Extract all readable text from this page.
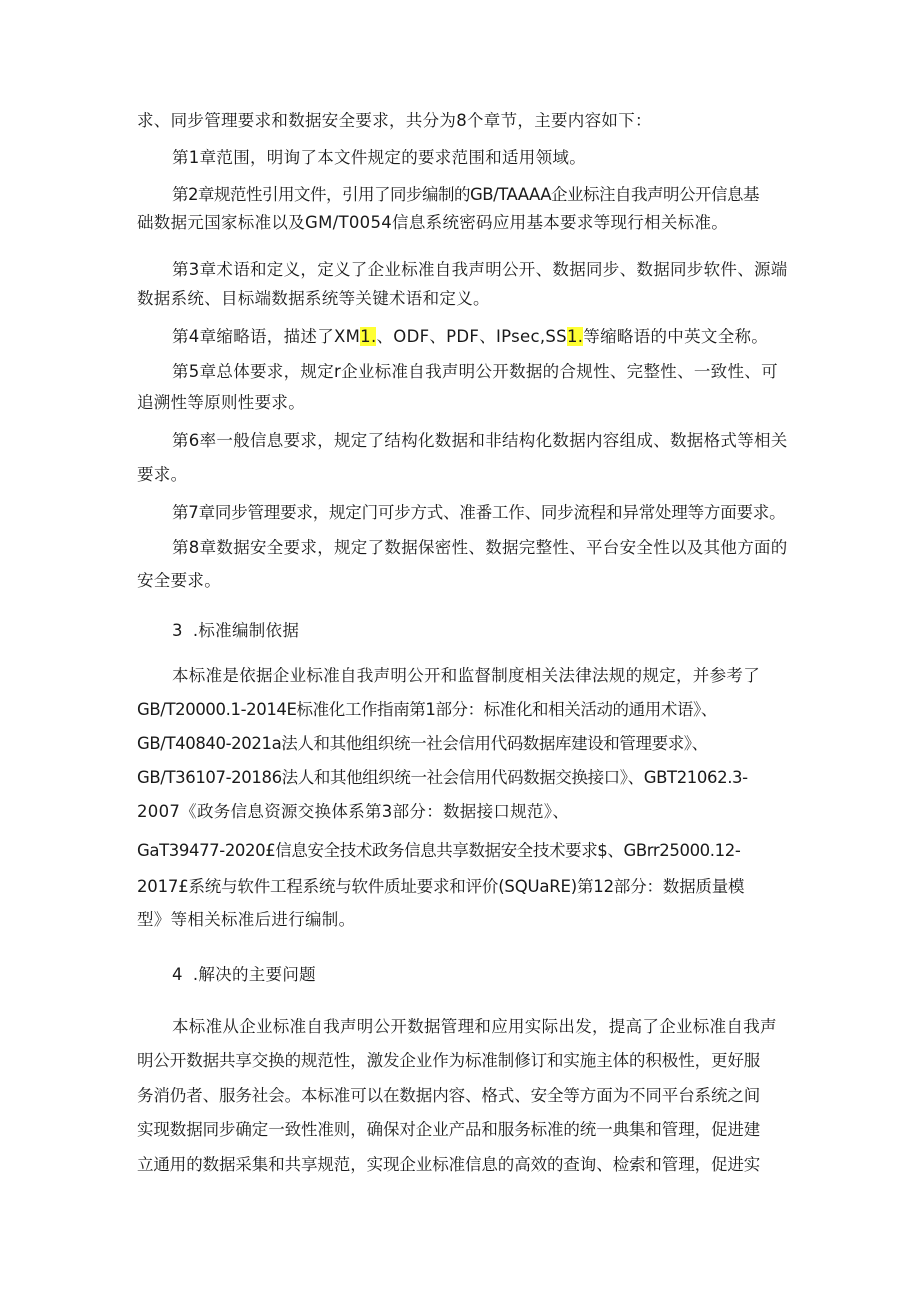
求、同步管理要求和数据安全要求，共分为8个章节，主要内容如下：
第1章范围，明询了本文件规定的要求范围和适用领域。
第2章规范性引用文件，引用了同步编制的GB/TAAAA企业标注自我声明公开信息基
础数据元国家标准以及GM/T0054信息系统密码应用基本要求等现行相关标准。
第3章术语和定义，定义了企业标准自我声明公开、数据同步、数据同步软件、源端
数据系统、目标端数据系统等关键术语和定义。
第4章缩略语，描述了XM1.、ODF、PDF、IPsec,SS1.等缩略语的中英文全称。
第5章总体要求，规定r企业标准自我声明公开数据的合规性、完整性、一致性、可
追溯性等原则性要求。
第6率一般信息要求，规定了结构化数据和非结构化数据内容组成、数据格式等相关
要求。
第7章同步管理要求，规定门可步方式、准番工作、同步流程和异常处理等方面要求。
第8章数据安全要求，规定了数据保密性、数据完整性、平台安全性以及其他方面的
安全要求。
3 .标准编制依据
本标准是依据企业标准自我声明公开和监督制度相关法律法规的规定，并参考了
GB/T20000.1-2014E标准化工作指南第1部分：标准化和相关活动的通用术语》、
GB/T40840-2021a法人和其他组织统一社会信用代码数据库建设和管理要求》、
GB/T36107-20186法人和其他组织统一社会信用代码数据交换接口》、GBT21062.3-
2007《政务信息资源交换体系第3部分：数据接口规范》、
GaT39477-2020£信息安全技术政务信息共享数据安全技术要求$、GBrr25000.12-
2017£系统与软件工程系统与软件质址要求和评价(SQUaRE)第12部分：数据质量模
型》等相关标准后进行编制。
4 .解决的主要问题
本标准从企业标准自我声明公开数据管理和应用实际出发，提高了企业标准自我声
明公开数据共享交换的规范性，激发企业作为标准制修订和实施主体的积极性，更好服
务消仍者、服务社会。本标准可以在数据内容、格式、安全等方面为不同平台系统之间
实现数据同步确定一致性准则，确保对企业产品和服务标准的统一典集和管理，促进建
立通用的数据采集和共享规范，实现企业标准信息的高效的查询、检索和管理，促进实
